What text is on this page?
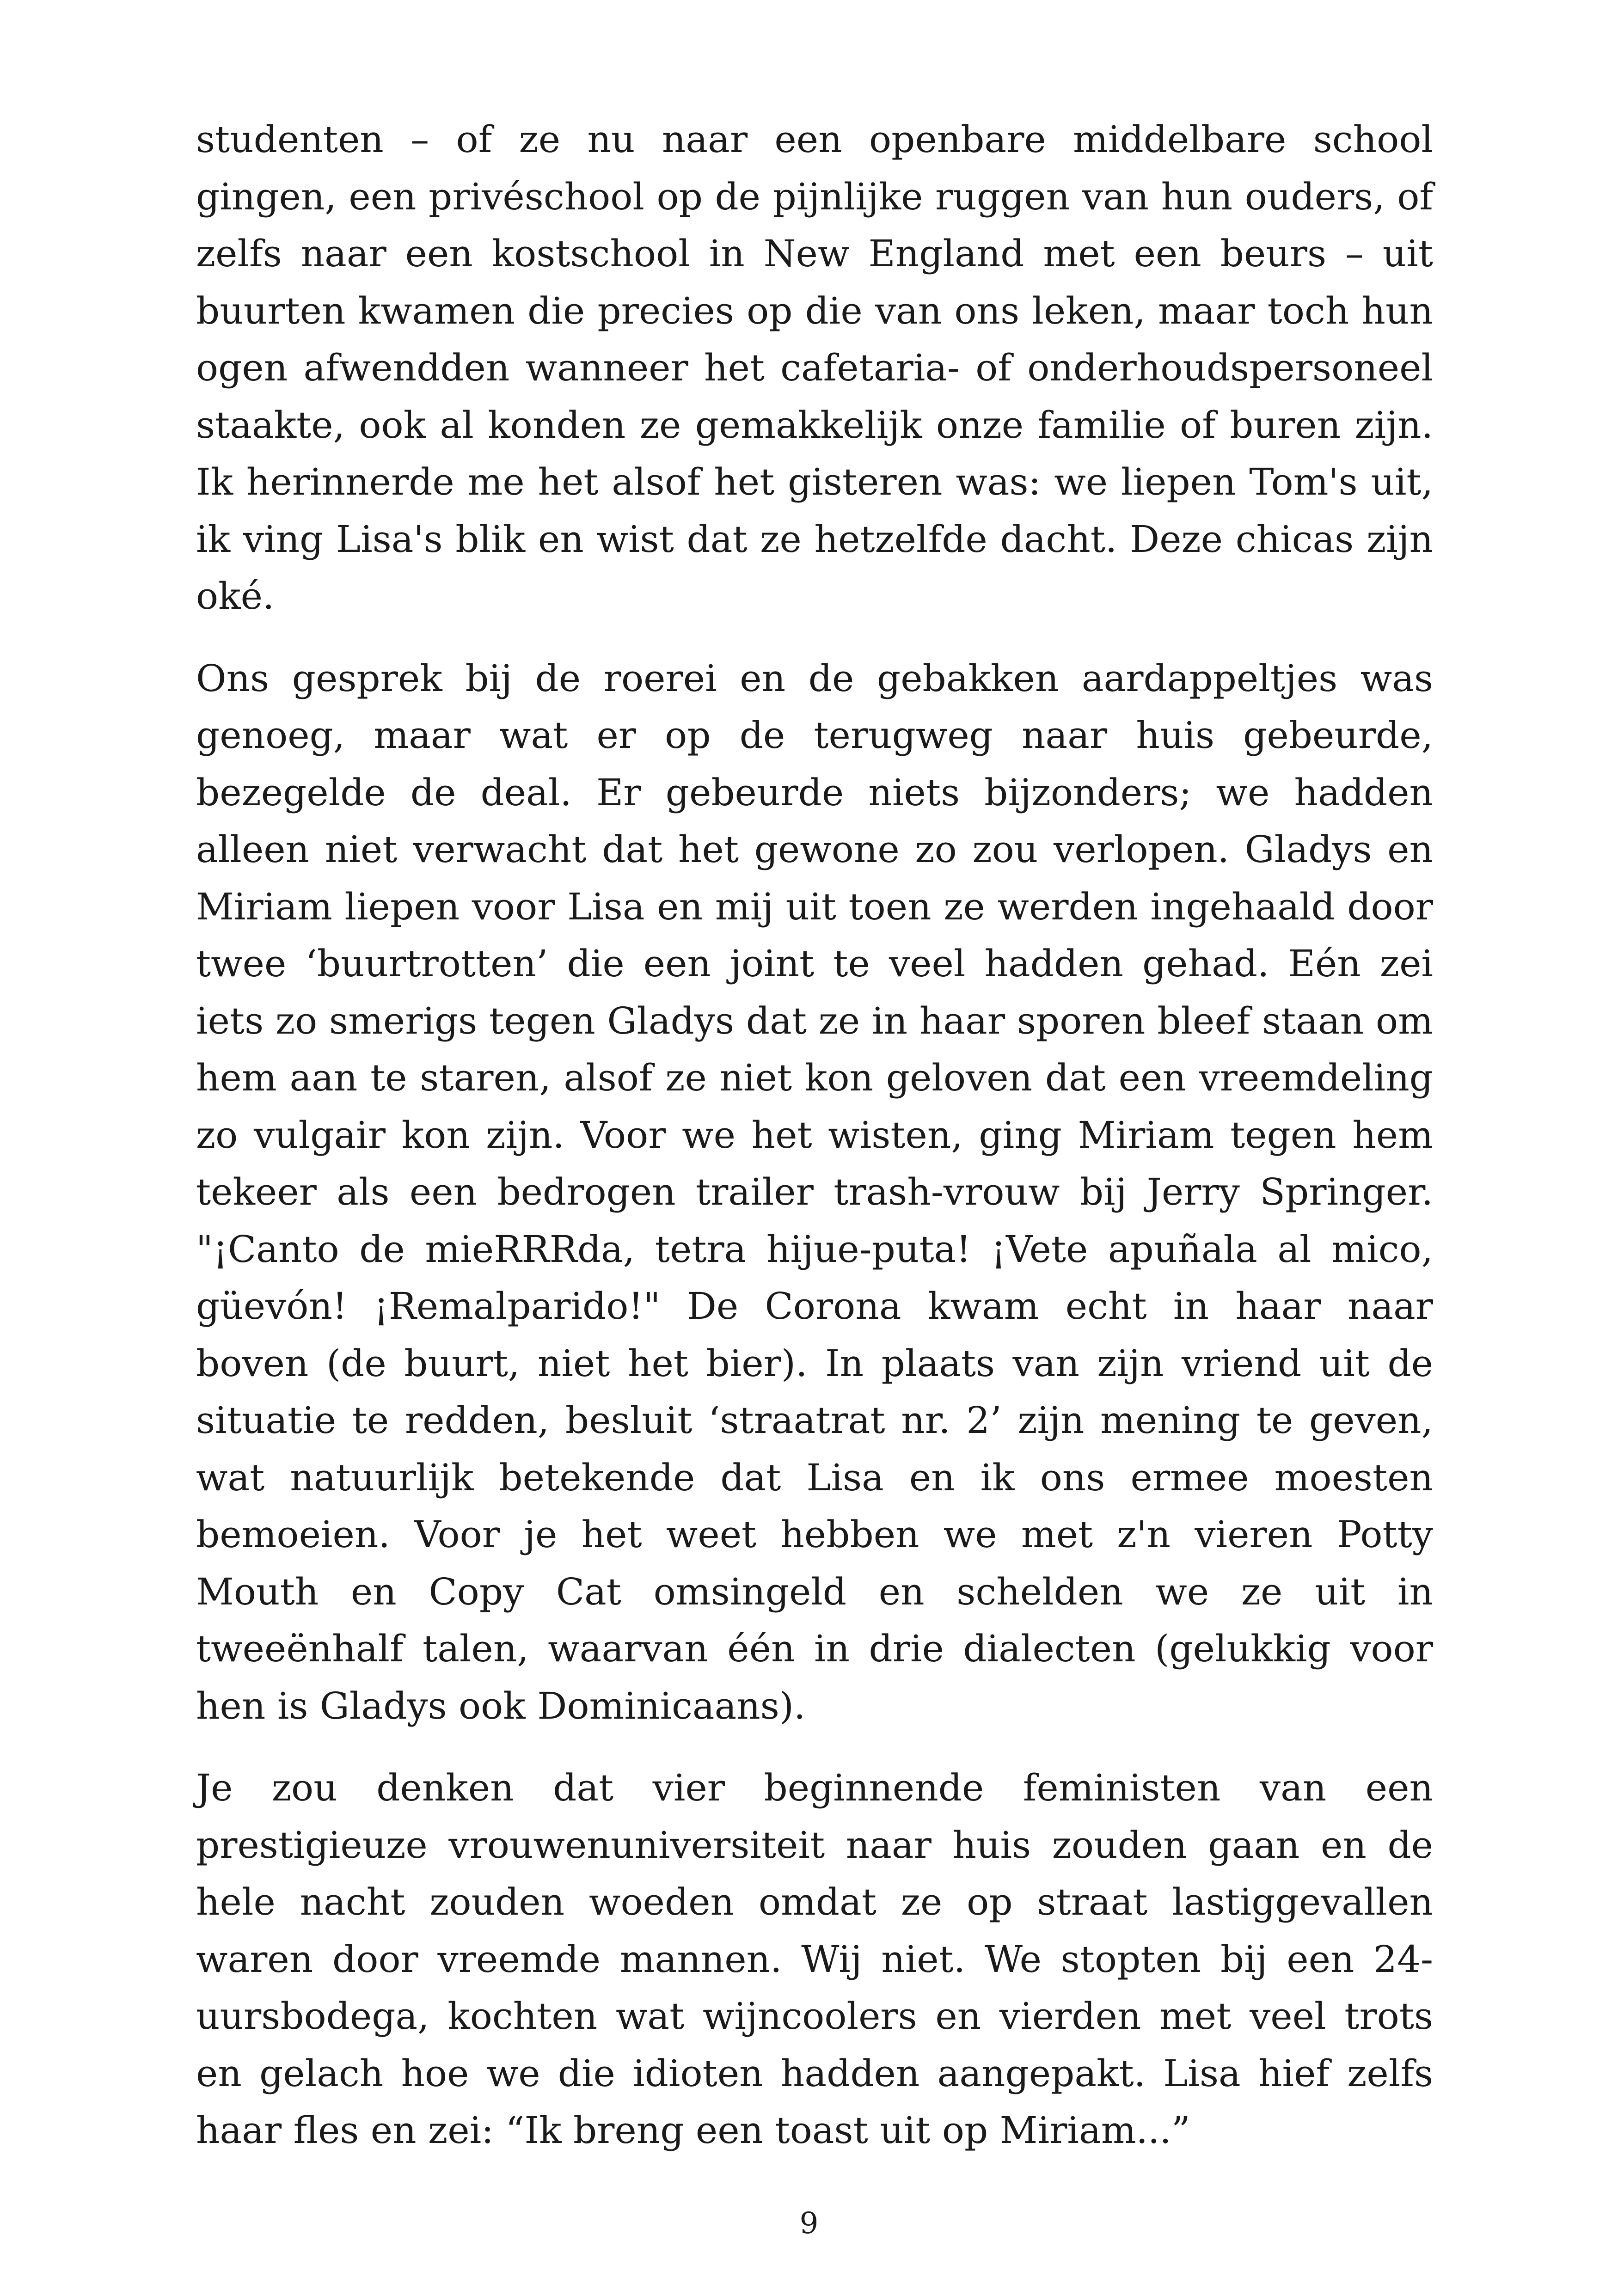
studenten – of ze nu naar een openbare middelbare school gingen, een privéschool op de pijnlijke ruggen van hun ouders, of zelfs naar een kostschool in New England met een beurs – uit buurten kwamen die precies op die van ons leken, maar toch hun ogen afwendden wanneer het cafetaria- of onderhoudspersoneel staakte, ook al konden ze gemakkelijk onze familie of buren zijn. Ik herinnerde me het alsof het gisteren was: we liepen Tom's uit, ik ving Lisa's blik en wist dat ze hetzelfde dacht. Deze chicas zijn oké.

Ons gesprek bij de roerei en de gebakken aardappeltjes was genoeg, maar wat er op de terugweg naar huis gebeurde, bezegelde de deal. Er gebeurde niets bijzonders; we hadden alleen niet verwacht dat het gewone zo zou verlopen. Gladys en Miriam liepen voor Lisa en mij uit toen ze werden ingehaald door twee ‘buurtrotten’ die een joint te veel hadden gehad. Eén zei iets zo smerigs tegen Gladys dat ze in haar sporen bleef staan om hem aan te staren, alsof ze niet kon geloven dat een vreemdeling zo vulgair kon zijn. Voor we het wisten, ging Miriam tegen hem tekeer als een bedrogen trailer trash-vrouw bij Jerry Springer. "¡Canto de mieRRRda, tetra hijue-puta! ¡Vete apuñala al mico, güevón! ¡Remalparido!" De Corona kwam echt in haar naar boven (de buurt, niet het bier). In plaats van zijn vriend uit de situatie te redden, besluit ‘straatrat nr. 2’ zijn mening te geven, wat natuurlijk betekende dat Lisa en ik ons ermee moesten bemoeien. Voor je het weet hebben we met z'n vieren Potty Mouth en Copy Cat omsingeld en schelden we ze uit in tweeënhalf talen, waarvan één in drie dialecten (gelukkig voor hen is Gladys ook Dominicaans).

Je zou denken dat vier beginnende feministen van een prestigieuze vrouwenuniversiteit naar huis zouden gaan en de hele nacht zouden woeden omdat ze op straat lastiggevallen waren door vreemde mannen. Wij niet. We stopten bij een 24-uursbodega, kochten wat wijncoolers en vierden met veel trots en gelach hoe we die idioten hadden aangepakt. Lisa hief zelfs haar fles en zei: “Ik breng een toast uit op Miriam...”

9
